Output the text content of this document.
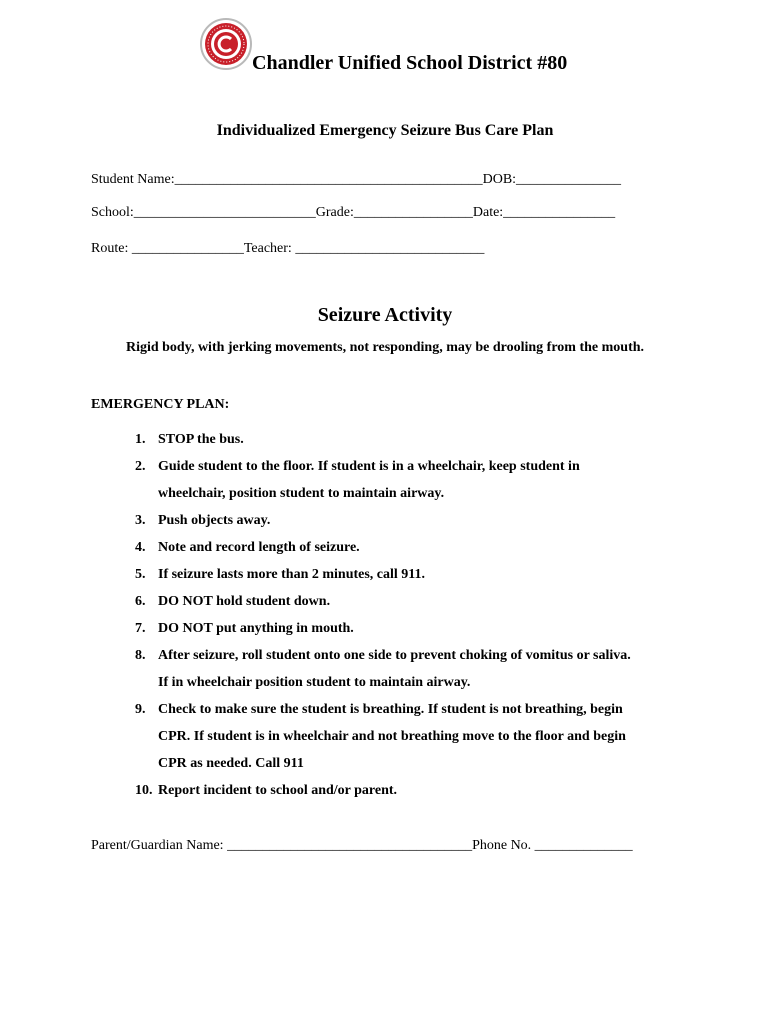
Chandler Unified School District #80
Individualized Emergency Seizure Bus Care Plan
Student Name:____________________________________________DOB:_______________
School:__________________________Grade:_________________Date:________________
Route: ________________Teacher: ___________________________
Seizure Activity
Rigid body, with jerking movements, not responding, may be drooling from the mouth.
EMERGENCY PLAN:
1. STOP the bus.
2. Guide student to the floor. If student is in a wheelchair, keep student in
wheelchair, position student to maintain airway.
3. Push objects away.
4. Note and record length of seizure.
5. If seizure lasts more than 2 minutes, call 911.
6. DO NOT hold student down.
7. DO NOT put anything in mouth.
8. After seizure, roll student onto one side to prevent choking of vomitus or saliva.
If in wheelchair position student to maintain airway.
9. Check to make sure the student is breathing. If student is not breathing, begin
CPR. If student is in wheelchair and not breathing move to the floor and begin
CPR as needed. Call 911
10. Report incident to school and/or parent.
Parent/Guardian Name: ___________________________________Phone No. ______________
